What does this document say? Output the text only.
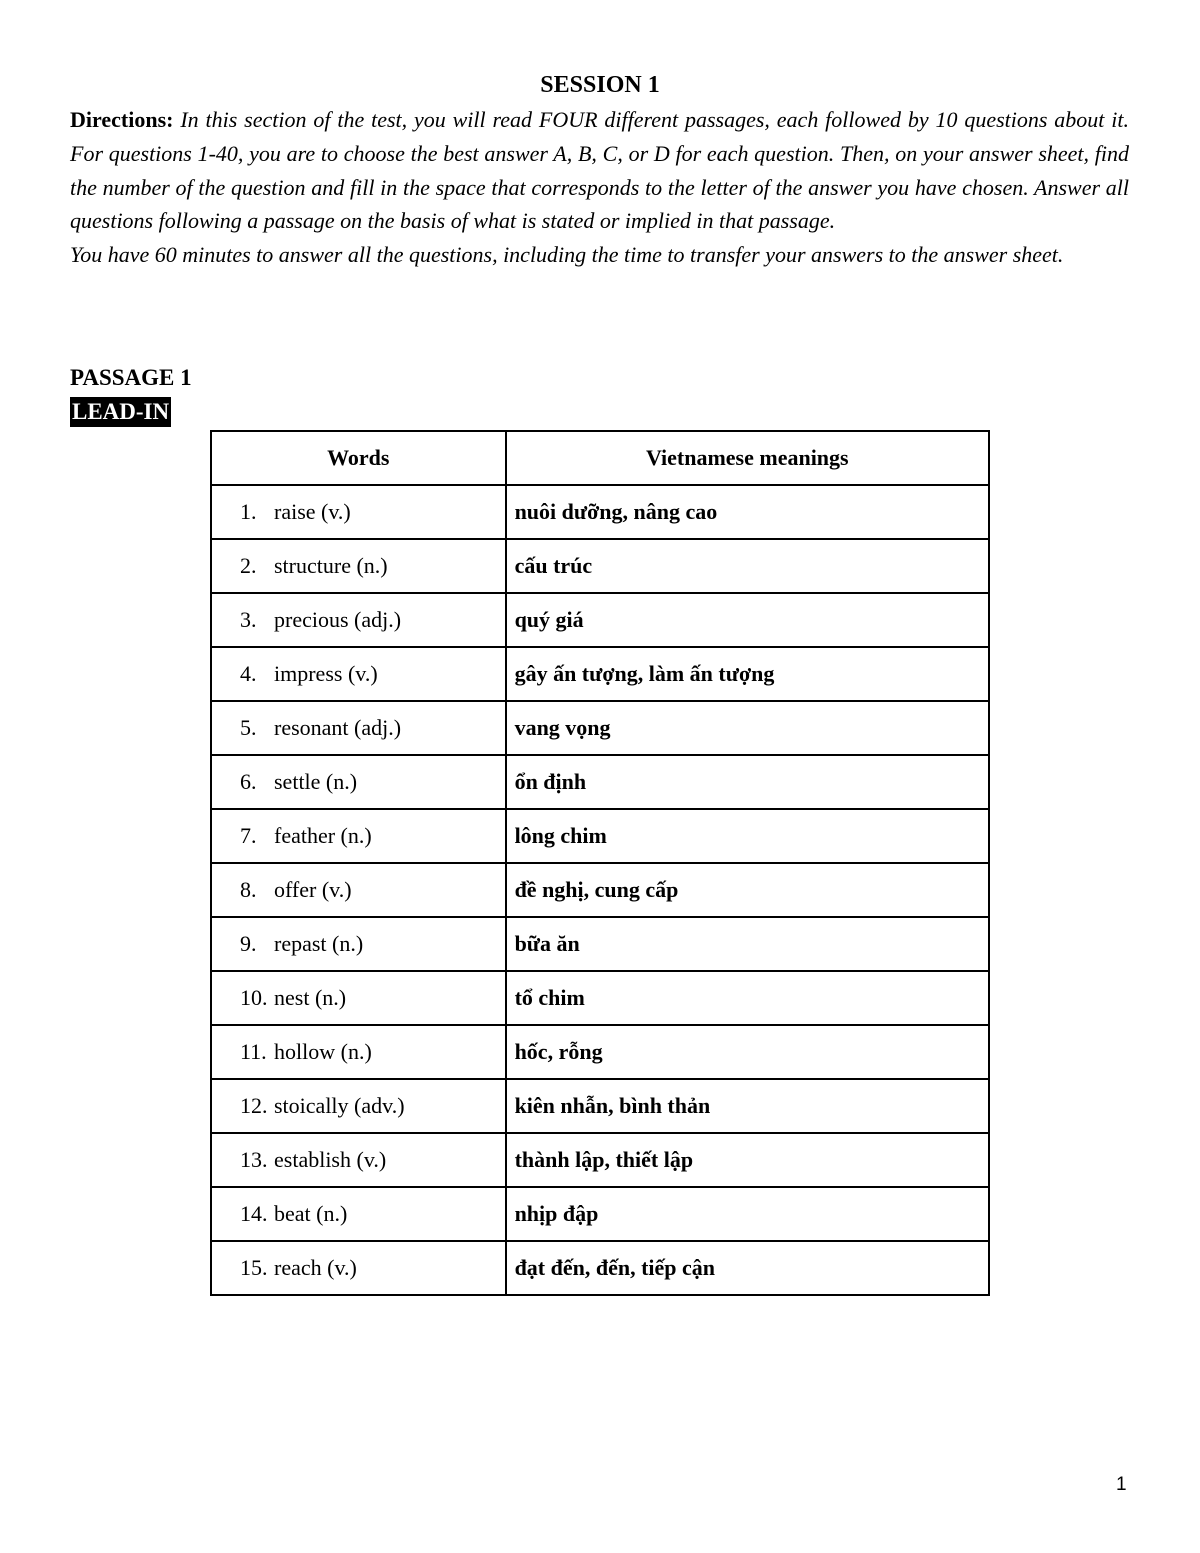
SESSION 1

Directions: In this section of the test, you will read FOUR different passages, each followed by 10 questions about it. For questions 1-40, you are to choose the best answer A, B, C, or D for each question. Then, on your answer sheet, find the number of the question and fill in the space that corresponds to the letter of the answer you have chosen. Answer all questions following a passage on the basis of what is stated or implied in that passage.

You have 60 minutes to answer all the questions, including the time to transfer your answers to the answer sheet.

PASSAGE 1
LEAD-IN
Words	Vietnamese meanings
1. raise (v.)	nuôi dưỡng, nâng cao
2. structure (n.)	cấu trúc
3. precious (adj.)	quý giá
4. impress (v.)	gây ấn tượng, làm ấn tượng
5. resonant (adj.)	vang vọng
6. settle (n.)	ổn định
7. feather (n.)	lông chim
8. offer (v.)	đề nghị, cung cấp
9. repast (n.)	bữa ăn
10. nest (n.)	tổ chim
11. hollow (n.)	hốc, rỗng
12. stoically (adv.)	kiên nhẫn, bình thản
13. establish (v.)	thành lập, thiết lập
14. beat (n.)	nhịp đập
15. reach (v.)	đạt đến, đến, tiếp cận
1
